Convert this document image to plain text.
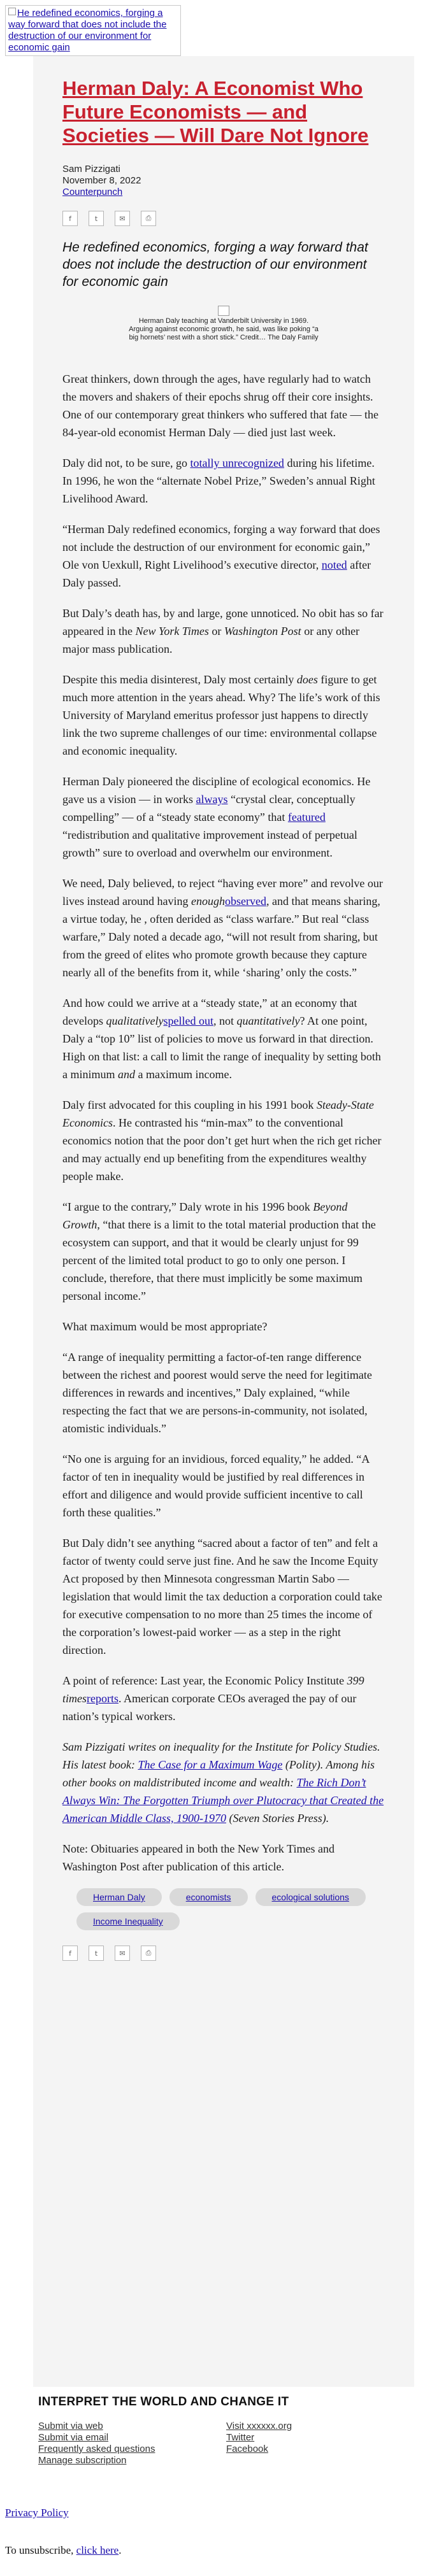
He redefined economics, forging a way forward that does not include the destruction of our environment for economic gain
Herman Daly: A Economist Who Future Economists — and Societies — Will Dare Not Ignore
Sam Pizzigati
November 8, 2022
Counterpunch
f	t	✉	⎙
He redefined economics, forging a way forward that does not include the destruction of our environment for economic gain
Herman Daly teaching at Vanderbilt University in 1969. Arguing against economic growth, he said, was like poking “a big hornets’ nest with a short stick.” Credit… The Daly Family

Great thinkers, down through the ages, have regularly had to watch the movers and shakers of their epochs shrug off their core insights. One of our contemporary great thinkers who suffered that fate — the 84-year-old economist Herman Daly — died just last week.

Daly did not, to be sure, go totally unrecognized during his lifetime. In 1996, he won the “alternate Nobel Prize,” Sweden’s annual Right Livelihood Award.

“Herman Daly redefined economics, forging a way forward that does not include the destruction of our environment for economic gain,” Ole von Uexkull, Right Livelihood’s executive director, noted after Daly passed.

But Daly’s death has, by and large, gone unnoticed. No obit has so far appeared in the New York Times or Washington Post or any other major mass publication.

Despite this media disinterest, Daly most certainly does figure to get much more attention in the years ahead. Why? The life’s work of this University of Maryland emeritus professor just happens to directly link the two supreme challenges of our time: environmental collapse and economic inequality.

Herman Daly pioneered the discipline of ecological economics. He gave us a vision — in works always “crystal clear, conceptually compelling” — of a “steady state economy” that featured “redistribution and qualitative improvement instead of perpetual growth” sure to overload and overwhelm our environment.

We need, Daly believed, to reject “having ever more” and revolve our lives instead around having enoughobserved, and that means sharing, a virtue today, he , often derided as “class warfare.” But real “class warfare,” Daly noted a decade ago, “will not result from sharing, but from the greed of elites who promote growth because they capture nearly all of the benefits from it, while ‘sharing’ only the costs.”

And how could we arrive at a “steady state,” at an economy that develops qualitativelyspelled out, not quantitatively? At one point, Daly a “top 10” list of policies to move us forward in that direction. High on that list: a call to limit the range of inequality by setting both a minimum and a maximum income.

Daly first advocated for this coupling in his 1991 book Steady-State Economics. He contrasted his “min-max” to the conventional economics notion that the poor don’t get hurt when the rich get richer and may actually end up benefiting from the expenditures wealthy people make.

“I argue to the contrary,” Daly wrote in his 1996 book Beyond Growth, “that there is a limit to the total material production that the ecosystem can support, and that it would be clearly unjust for 99 percent of the limited total product to go to only one person. I conclude, therefore, that there must implicitly be some maximum personal income.”

What maximum would be most appropriate?

“A range of inequality permitting a factor-of-ten range difference between the richest and poorest would serve the need for legitimate differences in rewards and incentives,” Daly explained, “while respecting the fact that we are persons-in-community, not isolated, atomistic individuals.”

“No one is arguing for an invidious, forced equality,” he added. “A factor of ten in inequality would be justified by real differences in effort and diligence and would provide sufficient incentive to call forth these qualities.”

But Daly didn’t see anything “sacred about a factor of ten” and felt a factor of twenty could serve just fine. And he saw the Income Equity Act proposed by then Minnesota congressman Martin Sabo — legislation that would limit the tax deduction a corporation could take for executive compensation to no more than 25 times the income of the corporation’s lowest-paid worker — as a step in the right direction.

A point of reference: Last year, the Economic Policy Institute 399 timesreports. American corporate CEOs averaged the pay of our nation’s typical workers.

Sam Pizzigati writes on inequality for the Institute for Policy Studies. His latest book: The Case for a Maximum Wage (Polity). Among his other books on maldistributed income and wealth: The Rich Don’t Always Win: The Forgotten Triumph over Plutocracy that Created the American Middle Class, 1900-1970 (Seven Stories Press).

Note: Obituaries appeared in both the New York Times and Washington Post after publication of this article.

Herman Daly	economists	ecological solutions
Income Inequality
f	t	✉	⎙
INTERPRET THE WORLD AND CHANGE IT
Submit via web
Submit via email
Frequently asked questions
Manage subscription
Visit xxxxxx.org
Twitter
Facebook
Privacy Policy
To unsubscribe, click here.
